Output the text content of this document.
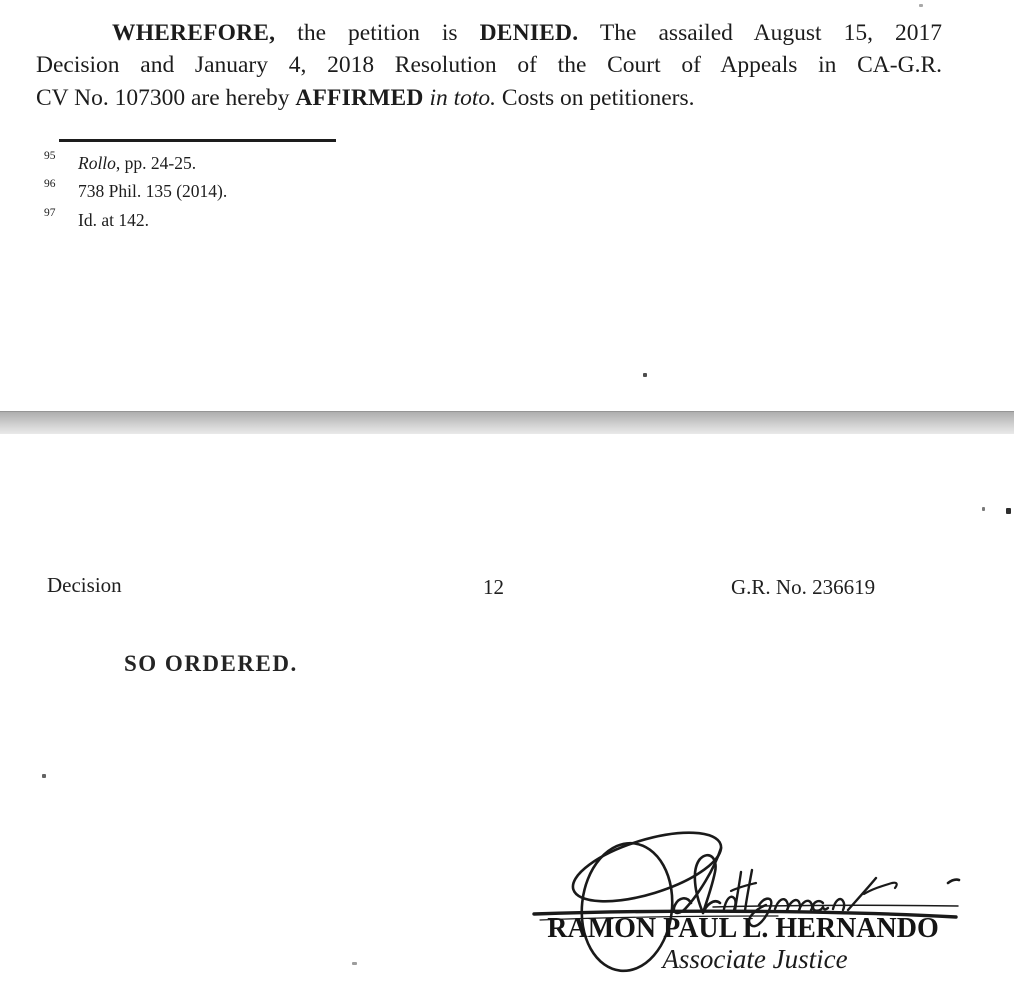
WHEREFORE, the petition is DENIED. The assailed August 15, 2017
Decision and January 4, 2018 Resolution of the Court of Appeals in CA-G.R.
CV No. 107300 are hereby AFFIRMED in toto. Costs on petitioners.
95 Rollo, pp. 24-25.
96 738 Phil. 135 (2014).
97 Id. at 142.
Decision	12	G.R. No. 236619
SO ORDERED.
RAMON PAUL L. HERNANDO
Associate Justice
